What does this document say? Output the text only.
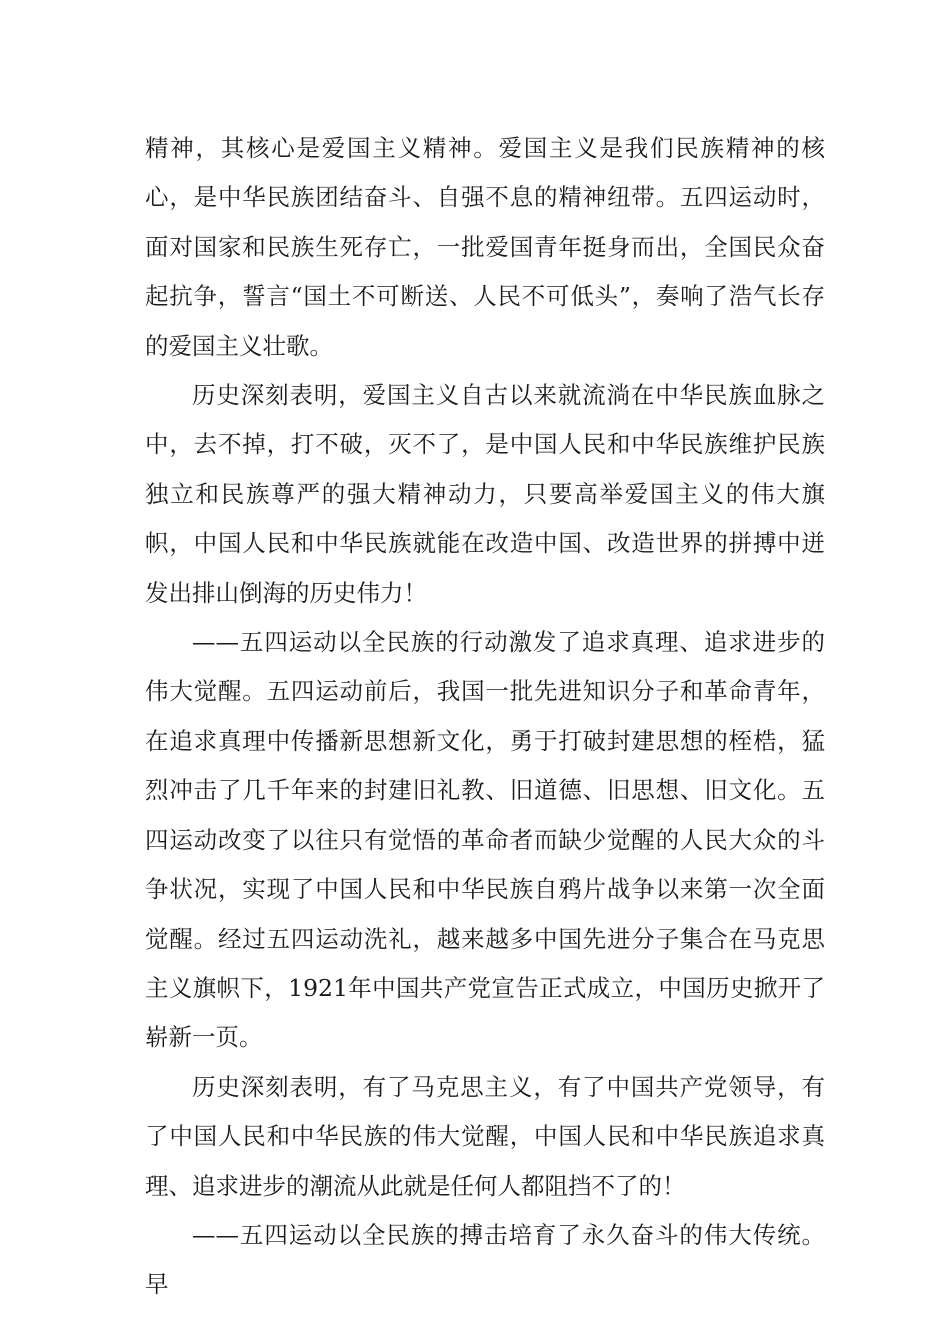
精神，其核心是爱国主义精神。爱国主义是我们民族精神的核心，是中华民族团结奋斗、自强不息的精神纽带。五四运动时，面对国家和民族生死存亡，一批爱国青年挺身而出，全国民众奋起抗争，誓言“国土不可断送、人民不可低头”，奏响了浩气长存的爱国主义壮歌。

历史深刻表明，爱国主义自古以来就流淌在中华民族血脉之中，去不掉，打不破，灭不了，是中国人民和中华民族维护民族独立和民族尊严的强大精神动力，只要高举爱国主义的伟大旗帜，中国人民和中华民族就能在改造中国、改造世界的拼搏中迸发出排山倒海的历史伟力！

——五四运动以全民族的行动激发了追求真理、追求进步的伟大觉醒。五四运动前后，我国一批先进知识分子和革命青年，在追求真理中传播新思想新文化，勇于打破封建思想的桎梏，猛烈冲击了几千年来的封建旧礼教、旧道德、旧思想、旧文化。五四运动改变了以往只有觉悟的革命者而缺少觉醒的人民大众的斗争状况，实现了中国人民和中华民族自鸦片战争以来第一次全面觉醒。经过五四运动洗礼，越来越多中国先进分子集合在马克思主义旗帜下，1921年中国共产党宣告正式成立，中国历史掀开了崭新一页。

历史深刻表明，有了马克思主义，有了中国共产党领导，有了中国人民和中华民族的伟大觉醒，中国人民和中华民族追求真理、追求进步的潮流从此就是任何人都阻挡不了的！

——五四运动以全民族的搏击培育了永久奋斗的伟大传统。早
